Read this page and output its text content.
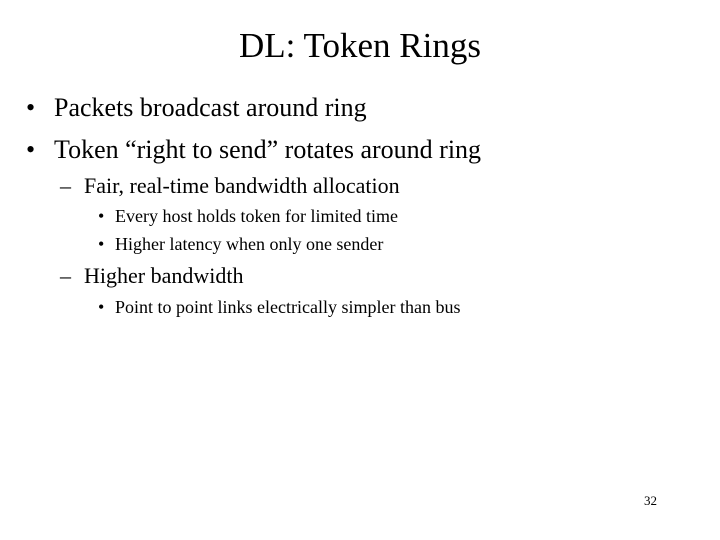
DL: Token Rings
• Packets broadcast around ring
• Token “right to send” rotates around ring
– Fair, real-time bandwidth allocation
• Every host holds token for limited time
• Higher latency when only one sender
– Higher bandwidth
• Point to point links electrically simpler than bus
32
